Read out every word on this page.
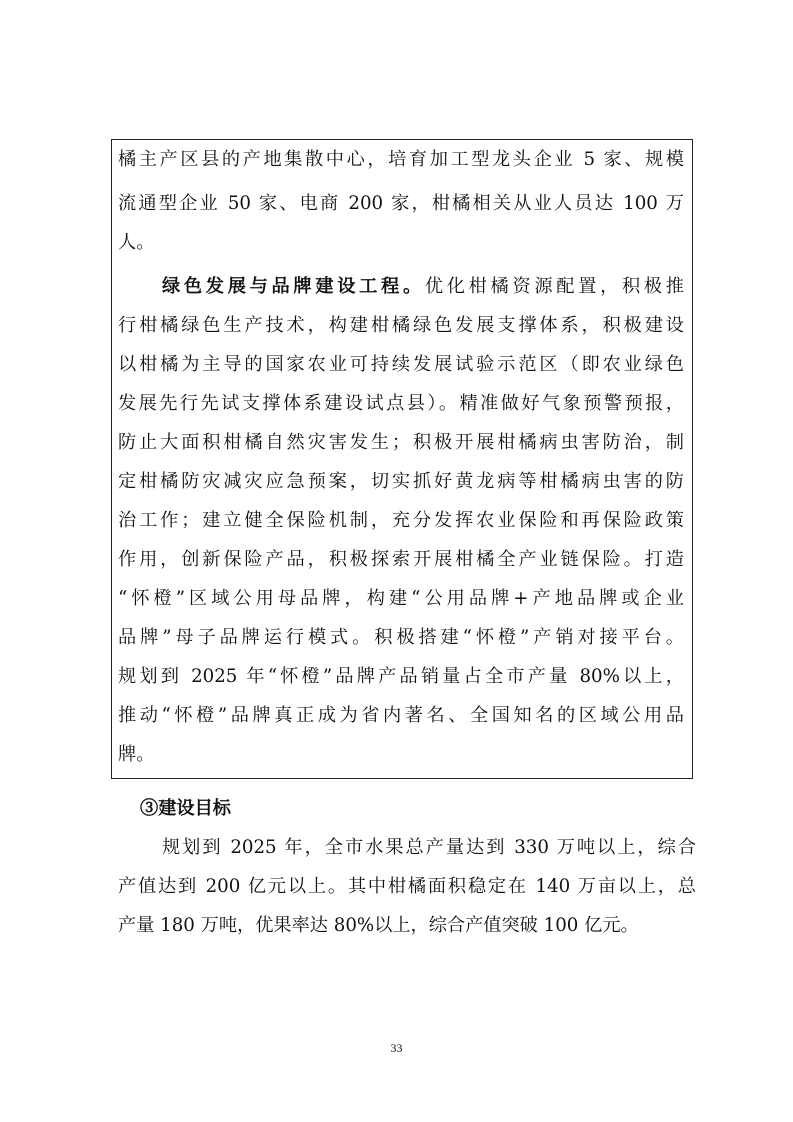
橘主产区县的产地集散中心，培育加工型龙头企业 5 家、规模
流通型企业 50 家、电商 200 家，柑橘相关从业人员达 100 万
人。
绿色发展与品牌建设工程。优化柑橘资源配置，积极推
行柑橘绿色生产技术，构建柑橘绿色发展支撑体系，积极建设
以柑橘为主导的国家农业可持续发展试验示范区（即农业绿色
发展先行先试支撑体系建设试点县）。精准做好气象预警预报，
防止大面积柑橘自然灾害发生；积极开展柑橘病虫害防治，制
定柑橘防灾减灾应急预案，切实抓好黄龙病等柑橘病虫害的防
治工作；建立健全保险机制，充分发挥农业保险和再保险政策
作用，创新保险产品，积极探索开展柑橘全产业链保险。打造
“怀橙”区域公用母品牌，构建“公用品牌+产地品牌或企业
品牌”母子品牌运行模式。积极搭建“怀橙”产销对接平台。
规划到 2025 年“怀橙”品牌产品销量占全市产量 80%以上，
推动“怀橙”品牌真正成为省内著名、全国知名的区域公用品
牌。
③建设目标
规划到 2025 年，全市水果总产量达到 330 万吨以上，综合
产值达到 200 亿元以上。其中柑橘面积稳定在 140 万亩以上，总
产量 180 万吨，优果率达 80%以上，综合产值突破 100 亿元。
33
